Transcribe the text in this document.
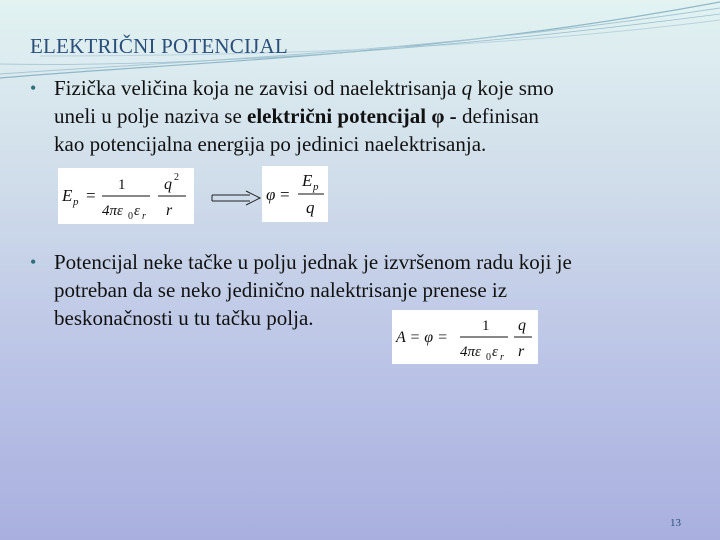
ELEKTRIČNI POTENCIJAL
• Fizička veličina koja ne zavisi od naelektrisanja q koje smo
uneli u polje naziva se električni potencijal φ - definisan
kao potencijalna energija po jedinici naelektrisanja.
E p =
1
4πε 0 ε r
q 2
r
φ =
E p
q
• Potencijal neke tačke u polju jednak je izvršenom radu koji je
potreban da se neko jedinično nalektrisanje prenese iz
beskonačnosti u tu tačku polja.
A = φ =
1
4πε 0 ε r
q
r
13
